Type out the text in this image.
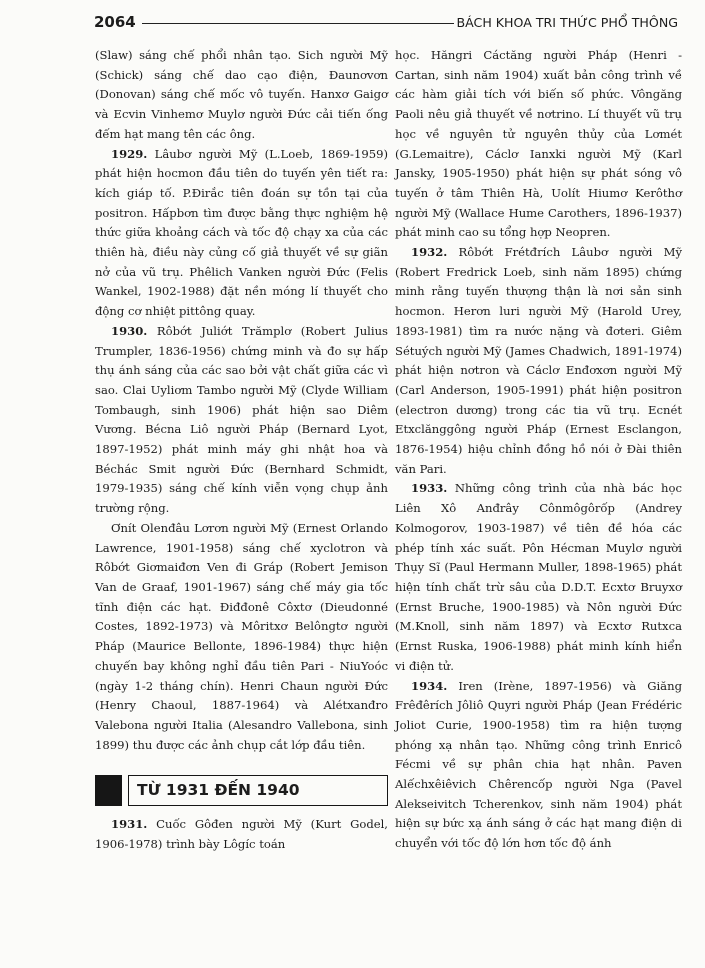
2064	BÁCH KHOA TRI THỨC PHỔ THÔNG

(Slaw) sáng chế phổi nhân tạo. Sich người Mỹ (Schick) sáng chế dao cạo điện, Đaunơvơn (Donovan) sáng chế mốc vô tuyến. Hanxơ Gaigơ và Ecvin Vinhemơ Muylơ người Đức cải tiến ống đếm hạt mang tên các ông.

1929. Lâubơ người Mỹ (L.Loeb, 1869-1959) phát hiện hocmon đầu tiên do tuyến yên tiết ra: kích giáp tố. P.Đirắc tiên đoán sự tồn tại của positron. Hấpbơn tìm được bằng thực nghiệm hệ thức giữa khoảng cách và tốc độ chạy xa của các thiên hà, điều này củng cố giả thuyết về sự giãn nở của vũ trụ. Phêlich Vanken người Đức (Felis Wankel, 1902-1988) đặt nền móng lí thuyết cho động cơ nhiệt pittông quay.

1930. Rôbớt Juliớt Trămplơ (Robert Julius Trumpler, 1836-1956) chứng minh và đo sự hấp thụ ánh sáng của các sao bởi vật chất giữa các vì sao. Clai Uyliơm Tambo người Mỹ (Clyde William Tombaugh, sinh 1906) phát hiện sao Diêm Vương. Bécna Liô người Pháp (Bernard Lyot, 1897-1952) phát minh máy ghi nhật hoa và Béchác Smit người Đức (Bernhard Schmidt, 1979-1935) sáng chế kính viễn vọng chụp ảnh trường rộng.

Ơnít Olenđâu Lơrơn người Mỹ (Ernest Orlando Lawrence, 1901-1958) sáng chế xyclotron và Rôbớt Giơmaiđơn Ven đi Gráp (Robert Jemison Van de Graaf, 1901-1967) sáng chế máy gia tốc tĩnh điện các hạt. Điđđonê Côxtơ (Dieudonné Costes, 1892-1973) và Môritxơ Belôngtơ người Pháp (Maurice Bellonte, 1896-1984) thực hiện chuyến bay không nghỉ đầu tiên Pari - NiuYoóc (ngày 1-2 tháng chín). Henri Chaun người Đức (Henry Chaoul, 1887-1964) và Alétxanđro Valebona người Italia (Alesandro Vallebona, sinh 1899) thu được các ảnh chụp cắt lớp đầu tiên.

TỪ 1931 ĐẾN 1940

1931. Cuốc Gôđen người Mỹ (Kurt Godel, 1906-1978) trình bày Lôgíc toán

học. Hăngri Cáctăng người Pháp (Henri - Cartan, sinh năm 1904) xuất bản công trình về các hàm giải tích với biến số phức. Vôngăng Paoli nêu giả thuyết về nơtrino. Lí thuyết vũ trụ học về nguyên tử nguyên thủy của Lơmét (G.Lemaitre), Cáclơ Ianxki người Mỹ (Karl Jansky, 1905-1950) phát hiện sự phát sóng vô tuyến ở tâm Thiên Hà, Uolít Hiumơ Kerôthơ người Mỹ (Wallace Hume Carothers, 1896-1937) phát minh cao su tổng hợp Neopren.

1932. Rôbớt Frétđrích Lâubơ người Mỹ (Robert Fredrick Loeb, sinh năm 1895) chứng minh rằng tuyến thượng thận là nơi sản sinh hocmon. Herơn luri người Mỹ (Harold Urey, 1893-1981) tìm ra nước nặng và đơteri. Giêm Sétuých người Mỹ (James Chadwich, 1891-1974) phát hiện nơtron và Cáclơ Enđơxơn người Mỹ (Carl Anderson, 1905-1991) phát hiện positron (electron dương) trong các tia vũ trụ. Ecnét Etxclănggông người Pháp (Ernest Esclangon, 1876-1954) hiệu chỉnh đồng hồ nói ở Đài thiên văn Pari.

1933. Những công trình của nhà bác học Liên Xô Anđrây Cônmôgôrốp (Andrey Kolmogorov, 1903-1987) về tiên đề hóa các phép tính xác suất. Pôn Hécman Muylơ người Thụy Sĩ (Paul Hermann Muller, 1898-1965) phát hiện tính chất trừ sâu của D.D.T. Ecxtơ Bruyxơ (Ernst Bruche, 1900-1985) và Nôn người Đức (M.Knoll, sinh năm 1897) và Ecxtơ Rutxca (Ernst Ruska, 1906-1988) phát minh kính hiển vi điện tử.

1934. Iren (Irène, 1897-1956) và Giăng Frêđêrích Jôliô Quyri người Pháp (Jean Frédéric Joliot Curie, 1900-1958) tìm ra hiện tượng phóng xạ nhân tạo. Những công trình Enricô Fécmi về sự phân chia hạt nhân. Paven Alếchxêiêvich Chêrencốp người Nga (Pavel Alekseivitch Tcherenkov, sinh năm 1904) phát hiện sự bức xạ ánh sáng ở các hạt mang điện di chuyển với tốc độ lớn hơn tốc độ ánh
